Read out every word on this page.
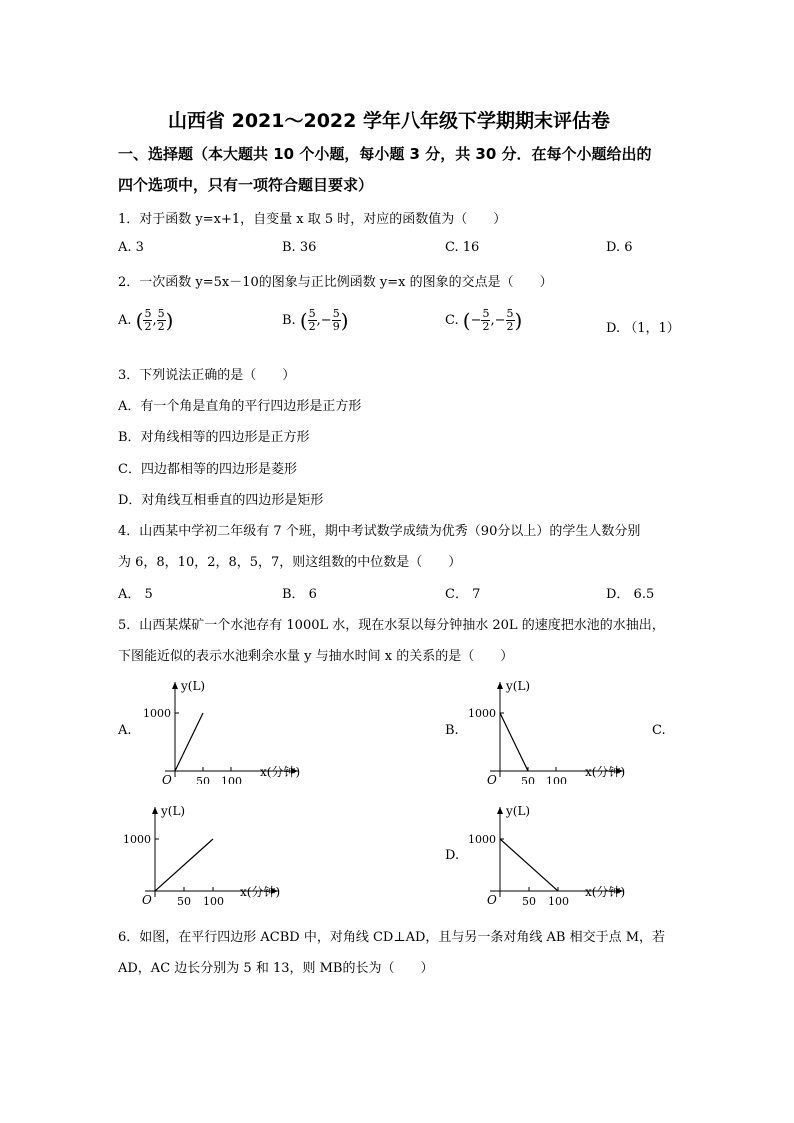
山西省 2021～2022 学年八年级下学期期末评估卷
一、选择题（本大题共 10 个小题，每小题 3 分，共 30 分．在每个小题给出的
四个选项中，只有一项符合题目要求）
1．对于函数 y=x+1，自变量 x 取 5 时，对应的函数值为（　　）
A. 3	B. 36	C. 16	D. 6
2．一次函数 y=5x－10的图象与正比例函数 y=x 的图象的交点是（　　）
A. ( $\frac{5}{2}$ , $\frac{5}{2}$ )	B. ( $\frac{5}{2}$ ,− $\frac{5}{9}$ )	C. (− $\frac{5}{2}$ ,− $\frac{5}{2}$ )	D. （1，1）
3．下列说法正确的是（　　）
A．有一个角是直角的平行四边形是正方形
B．对角线相等的四边形是正方形
C．四边都相等的四边形是菱形
D．对角线互相垂直的四边形是矩形
4．山西某中学初二年级有 7 个班，期中考试数学成绩为优秀（90分以上）的学生人数分别
为 6，8，10，2，8，5，7，则这组数的中位数是（　　）
A． 5	B． 6	C． 7	D． 6.5
5．山西某煤矿一个水池存有 1000L 水，现在水泵以每分钟抽水 20L 的速度把水池的水抽出，
下图能近似的表示水池剩余水量 y 与抽水时间 x 的关系的是（　　）
A.	B.	C.
D.
y(L)
x(分钟)
O
1000
50 100
y(L)
x(分钟)
O
1000
50 100
y(L)
x(分钟)
O
1000
50 100
y(L)
x(分钟)
O
1000
50 100
6．如图，在平行四边形 ACBD 中，对角线 CD⊥AD，且与另一条对角线 AB 相交于点 M，若
AD，AC 边长分别为 5 和 13，则 MB的长为（　　）
